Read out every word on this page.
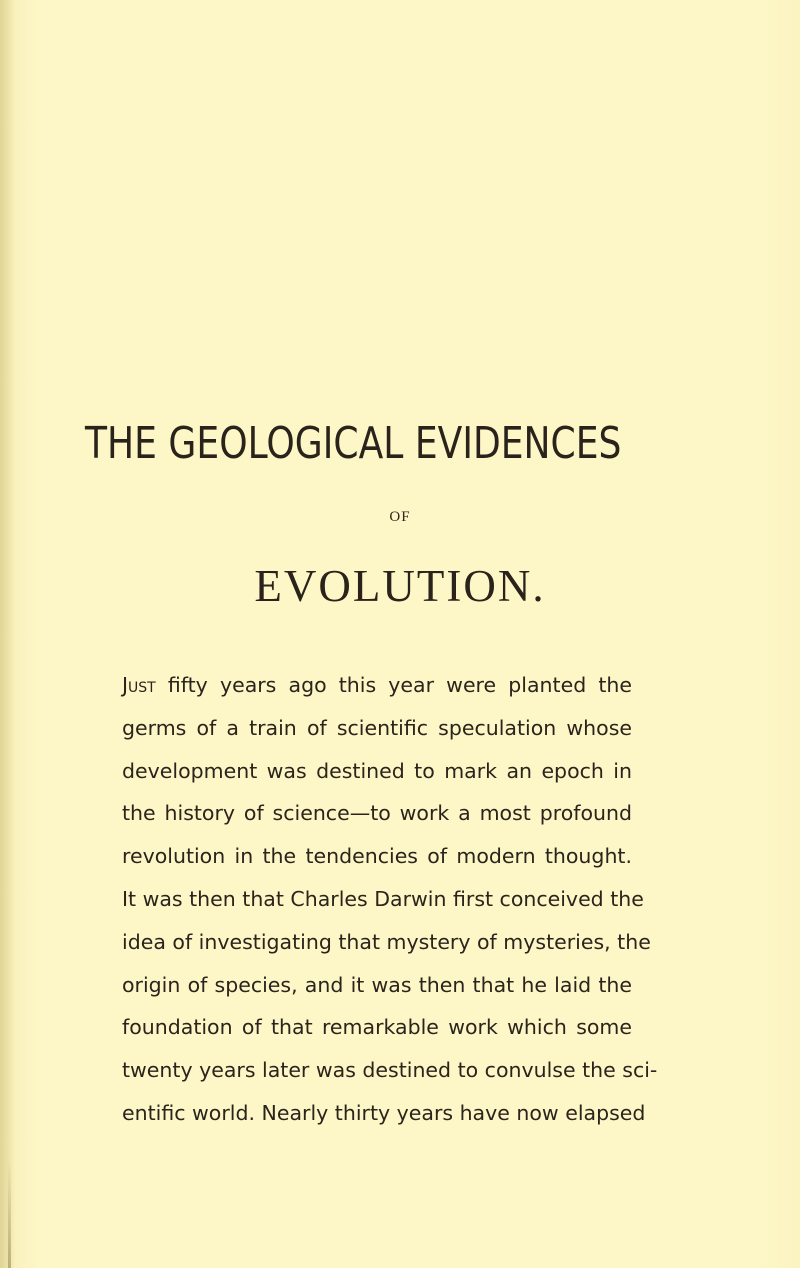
THE GEOLOGICAL EVIDENCES
OF
EVOLUTION.
Just fifty years ago this year were planted the
germs of a train of scientific speculation whose
development was destined to mark an epoch in
the history of science—to work a most profound
revolution in the tendencies of modern thought.
It was then that Charles Darwin first conceived the
idea of investigating that mystery of mysteries, the
origin of species, and it was then that he laid the
foundation of that remarkable work which some
twenty years later was destined to convulse the sci-
entific world. Nearly thirty years have now elapsed
